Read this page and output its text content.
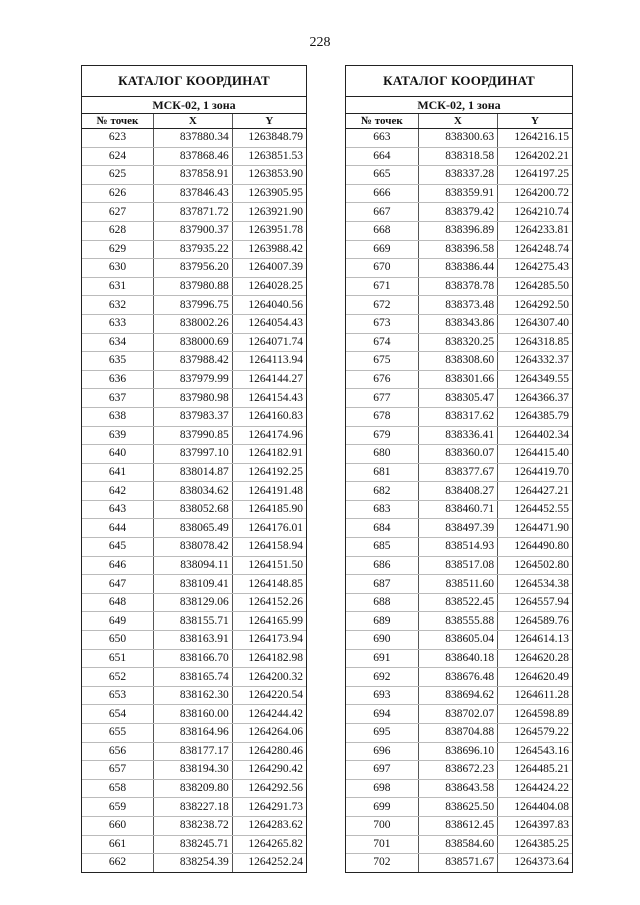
228
КАТАЛОГ КООРДИНАТ
МСК-02, 1 зона
№ точек	X	Y
623	837880.34	1263848.79
624	837868.46	1263851.53
625	837858.91	1263853.90
626	837846.43	1263905.95
627	837871.72	1263921.90
628	837900.37	1263951.78
629	837935.22	1263988.42
630	837956.20	1264007.39
631	837980.88	1264028.25
632	837996.75	1264040.56
633	838002.26	1264054.43
634	838000.69	1264071.74
635	837988.42	1264113.94
636	837979.99	1264144.27
637	837980.98	1264154.43
638	837983.37	1264160.83
639	837990.85	1264174.96
640	837997.10	1264182.91
641	838014.87	1264192.25
642	838034.62	1264191.48
643	838052.68	1264185.90
644	838065.49	1264176.01
645	838078.42	1264158.94
646	838094.11	1264151.50
647	838109.41	1264148.85
648	838129.06	1264152.26
649	838155.71	1264165.99
650	838163.91	1264173.94
651	838166.70	1264182.98
652	838165.74	1264200.32
653	838162.30	1264220.54
654	838160.00	1264244.42
655	838164.96	1264264.06
656	838177.17	1264280.46
657	838194.30	1264290.42
658	838209.80	1264292.56
659	838227.18	1264291.73
660	838238.72	1264283.62
661	838245.71	1264265.82
662	838254.39	1264252.24
КАТАЛОГ КООРДИНАТ
МСК-02, 1 зона
№ точек	X	Y
663	838300.63	1264216.15
664	838318.58	1264202.21
665	838337.28	1264197.25
666	838359.91	1264200.72
667	838379.42	1264210.74
668	838396.89	1264233.81
669	838396.58	1264248.74
670	838386.44	1264275.43
671	838378.78	1264285.50
672	838373.48	1264292.50
673	838343.86	1264307.40
674	838320.25	1264318.85
675	838308.60	1264332.37
676	838301.66	1264349.55
677	838305.47	1264366.37
678	838317.62	1264385.79
679	838336.41	1264402.34
680	838360.07	1264415.40
681	838377.67	1264419.70
682	838408.27	1264427.21
683	838460.71	1264452.55
684	838497.39	1264471.90
685	838514.93	1264490.80
686	838517.08	1264502.80
687	838511.60	1264534.38
688	838522.45	1264557.94
689	838555.88	1264589.76
690	838605.04	1264614.13
691	838640.18	1264620.28
692	838676.48	1264620.49
693	838694.62	1264611.28
694	838702.07	1264598.89
695	838704.88	1264579.22
696	838696.10	1264543.16
697	838672.23	1264485.21
698	838643.58	1264424.22
699	838625.50	1264404.08
700	838612.45	1264397.83
701	838584.60	1264385.25
702	838571.67	1264373.64
